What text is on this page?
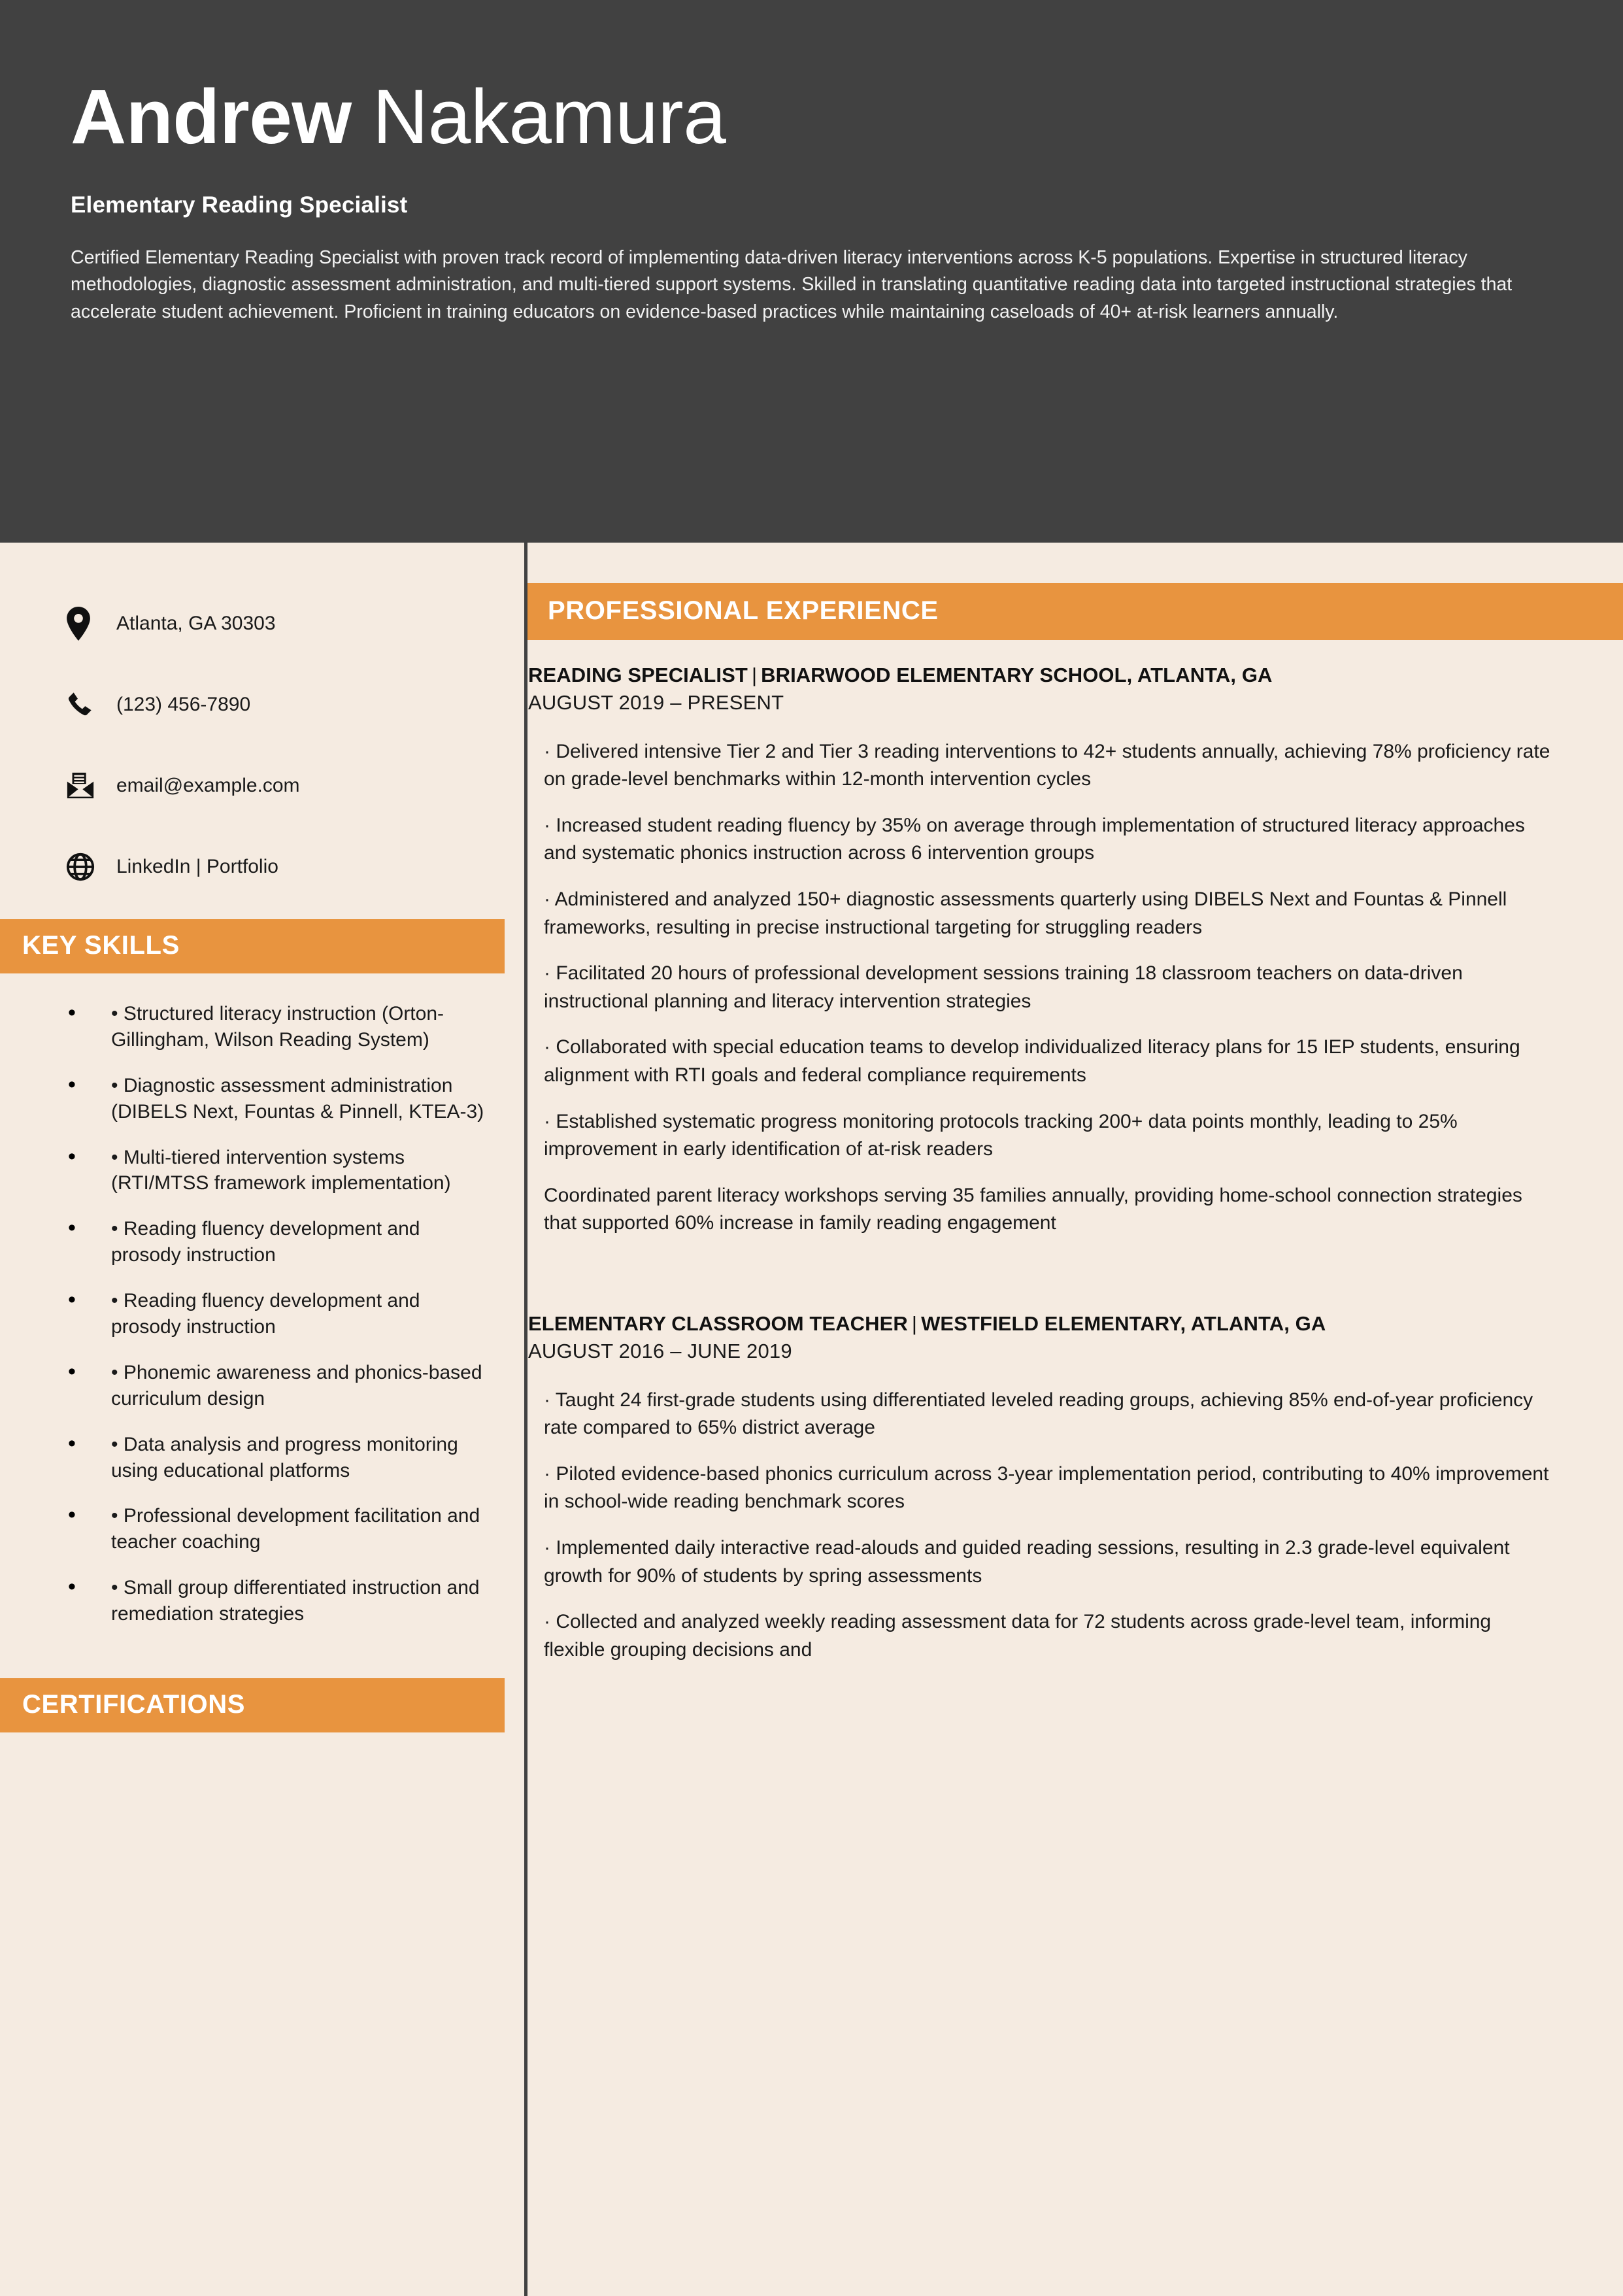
Andrew Nakamura
Elementary Reading Specialist
Certified Elementary Reading Specialist with proven track record of implementing data-driven literacy interventions across K-5 populations. Expertise in structured literacy methodologies, diagnostic assessment administration, and multi-tiered support systems. Skilled in translating quantitative reading data into targeted instructional strategies that accelerate student achievement. Proficient in training educators on evidence-based practices while maintaining caseloads of 40+ at-risk learners annually.
Atlanta, GA 30303
(123) 456-7890
email@example.com
LinkedIn | Portfolio
KEY SKILLS
• • Structured literacy instruction (Orton-Gillingham, Wilson Reading System)
• • Diagnostic assessment administration (DIBELS Next, Fountas & Pinnell, KTEA-3)
• • Multi-tiered intervention systems (RTI/MTSS framework implementation)
• • Reading fluency development and prosody instruction
• • Reading fluency development and prosody instruction
• • Phonemic awareness and phonics-based curriculum design
• • Data analysis and progress monitoring using educational platforms
• • Professional development facilitation and teacher coaching
• • Small group differentiated instruction and remediation strategies
CERTIFICATIONS
PROFESSIONAL EXPERIENCE
READING SPECIALIST | BRIARWOOD ELEMENTARY SCHOOL, ATLANTA, GA
AUGUST 2019 – PRESENT
· Delivered intensive Tier 2 and Tier 3 reading interventions to 42+ students annually, achieving 78% proficiency rate on grade-level benchmarks within 12-month intervention cycles
· Increased student reading fluency by 35% on average through implementation of structured literacy approaches and systematic phonics instruction across 6 intervention groups
· Administered and analyzed 150+ diagnostic assessments quarterly using DIBELS Next and Fountas & Pinnell frameworks, resulting in precise instructional targeting for struggling readers
· Facilitated 20 hours of professional development sessions training 18 classroom teachers on data-driven instructional planning and literacy intervention strategies
· Collaborated with special education teams to develop individualized literacy plans for 15 IEP students, ensuring alignment with RTI goals and federal compliance requirements
· Established systematic progress monitoring protocols tracking 200+ data points monthly, leading to 25% improvement in early identification of at-risk readers
Coordinated parent literacy workshops serving 35 families annually, providing home-school connection strategies that supported 60% increase in family reading engagement
ELEMENTARY CLASSROOM TEACHER | WESTFIELD ELEMENTARY, ATLANTA, GA
AUGUST 2016 – JUNE 2019
· Taught 24 first-grade students using differentiated leveled reading groups, achieving 85% end-of-year proficiency rate compared to 65% district average
· Piloted evidence-based phonics curriculum across 3-year implementation period, contributing to 40% improvement in school-wide reading benchmark scores
· Implemented daily interactive read-alouds and guided reading sessions, resulting in 2.3 grade-level equivalent growth for 90% of students by spring assessments
· Collected and analyzed weekly reading assessment data for 72 students across grade-level team, informing flexible grouping decisions and
